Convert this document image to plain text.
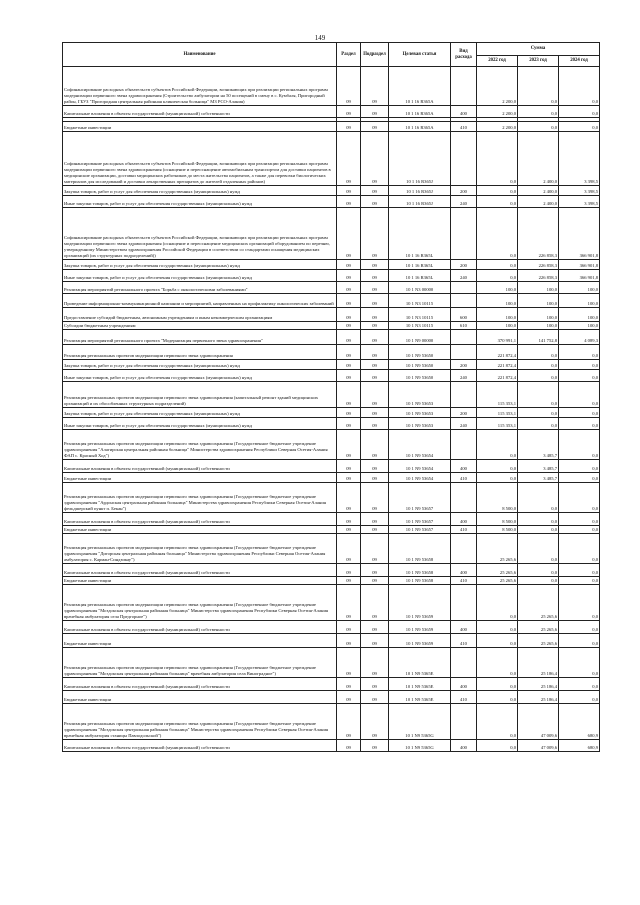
149
Наименование	Раздел	Подраздел	Целевая статья	Вид расхода	Сумма		
					2022 год	2023 год	2024 год
Софинансирование расходных обязательств субъектов Российской Федерации, возникающих при реализации региональных программ модернизации первичного звена здравоохранения (Строительство амбулатории на 50 посещений в смену в с. Кумбаля, Пригородный район, ГБУЗ "Пригородная центральная районная клиническая больница" МЗ РСО-Алания)	09	09	10 1 16 R365A		2 200,0	0,0	0,0
Капитальные вложения в объекты государственной (муниципальной) собственности	09	09	10 1 16 R365A	400	2 200,0	0,0	0,0

Бюджетные инвестиции	09	09	10 1 16 R365A	410	2 200,0	0,0	0,0
Софинансирование расходных обязательств субъектов Российской Федерации, возникающих при реализации региональных программ модернизации первичного звена здравоохранения (оснащение и переоснащение автомобильным транспортом для доставки пациентов в медицинские организации, доставки медицинских работников до места жительства пациентов, а также для перевозки биологических материалов для исследований и доставки лекарственных препаратов до жителей отдаленных районов)	09	09	10 1 16 R365J		0,0	2 400,0	3 398,5
Закупка товаров, работ и услуг для обеспечения государственных (муниципальных) нужд	09	09	10 1 16 R365J	200	0,0	2 400,0	3 398,5
Иные закупки товаров, работ и услуг для обеспечения государственных (муниципальных) нужд	09	09	10 1 16 R365J	240	0,0	2 400,0	3 398,5
Софинансирование расходных обязательств субъектов Российской Федерации, возникающих при реализации региональных программ модернизации первичного звена здравоохранения (оснащение и переоснащение медицинских организаций оборудованием по перечню, утвержденному Министерством здравоохранения Российской Федерации в соответствии со стандартами оснащения медицинских организаций (их структурных подразделений))	09	09	10 1 16 R365L		0,0	226 858,3	366 901,8
Закупка товаров, работ и услуг для обеспечения государственных (муниципальных) нужд	09	09	10 1 16 R365L	200	0,0	226 858,3	366 901,8
Иные закупки товаров, работ и услуг для обеспечения государственных (муниципальных) нужд	09	09	10 1 16 R365L	240	0,0	226 858,3	366 901,8
Реализация мероприятий регионального проекта "Борьба с онкологическими заболеваниями"	09	09	10 1 N3 00000		100,0	100,0	100,0
Проведение информационно-коммуникационной кампании и мероприятий, направленных на профилактику онкологических заболеваний	09	09	10 1 N3 10115		100,0	100,0	100,0
Предоставление субсидий бюджетным, автономным учреждениям и иным некоммерческим организациям	09	09	10 1 N3 10115	600	100,0	100,0	100,0
Субсидии бюджетным учреждениям	09	09	10 1 N3 10115	610	100,0	100,0	100,0
Реализация мероприятий регионального проекта "Модернизация первичного звена здравоохранения"	09	09	10 1 N9 00000		370 991,1	141 752,8	4 089,3
Реализация региональных проектов модернизации первичного звена здравоохранения	09	09	10 1 N9 53650		221 872,4	0,0	0,0
Закупка товаров, работ и услуг для обеспечения государственных (муниципальных) нужд	09	09	10 1 N9 53650	200	221 872,4	0,0	0,0
Иные закупки товаров, работ и услуг для обеспечения государственных (муниципальных) нужд	09	09	10 1 N9 53650	240	221 872,4	0,0	0,0
Реализация региональных проектов модернизации первичного звена здравоохранения (капитальный ремонт зданий медицинских организаций и их обособленных структурных подразделений)	09	09	10 1 N9 53653		115 353,1	0,0	0,0
Закупка товаров, работ и услуг для обеспечения государственных (муниципальных) нужд	09	09	10 1 N9 53653	200	115 353,1	0,0	0,0
Иные закупки товаров, работ и услуг для обеспечения государственных (муниципальных) нужд	09	09	10 1 N9 53653	240	115 353,1	0,0	0,0
Реализация региональных проектов модернизации первичного звена здравоохранения (Государственное бюджетное учреждение здравоохранения "Алагирская центральная районная больница" Министерства здравоохранения Республики Северная Осетия-Алания ФАП с. Красный Ход")	09	09	10 1 N9 53654		0,0	3 485,7	0,0
Капитальные вложения в объекты государственной (муниципальной) собственности	09	09	10 1 N9 53654	400	0,0	3 485,7	0,0
Бюджетные инвестиции	09	09	10 1 N9 53654	410	0,0	3 485,7	0,0
Реализация региональных проектов модернизации первичного звена здравоохранения (Государственное бюджетное учреждение здравоохранения "Ардонская центральная районная больница" Министерства здравоохранения Республики Северная Осетия-Алания фельдшерский пункт п. Бекан")	09	09	10 1 N9 53657		8 500,0	0,0	0,0
Капитальные вложения в объекты государственной (муниципальной) собственности	09	09	10 1 N9 53657	400	8 500,0	0,0	0,0
Бюджетные инвестиции	09	09	10 1 N9 53657	410	8 500,0	0,0	0,0
Реализация региональных проектов модернизации первичного звена здравоохранения (Государственное бюджетное учреждение здравоохранения "Дигорская центральная районная больница" Министерства здравоохранения Республики Северная Осетия-Алания амбулатория с. Карман-Синдзикау")	09	09	10 1 N9 53658		25 265,6	0,0	0,0
Капитальные вложения в объекты государственной (муниципальной) собственности	09	09	10 1 N9 53658	400	25 265,6	0,0	0,0
Бюджетные инвестиции	09	09	10 1 N9 53658	410	25 265,6	0,0	0,0
Реализация региональных проектов модернизации первичного звена здравоохранения (Государственное бюджетное учреждение здравоохранения "Моздокская центральная районная больница" Министерства здравоохранения Республики Северная Осетия-Алания врачебная амбулатория села Предгорное")	09	09	10 1 N9 53659		0,0	25 265,6	0,0
Капитальные вложения в объекты государственной (муниципальной) собственности	09	09	10 1 N9 53659	400	0,0	25 265,6	0,0
Бюджетные инвестиции	09	09	10 1 N9 53659	410	0,0	25 265,6	0,0
Реализация региональных проектов модернизации первичного звена здравоохранения (Государственное бюджетное учреждение здравоохранения "Моздокская центральная районная больница" врачебная амбулатория села Виноградное")	09	09	10 1 N9 5365E		0,0	25 186,4	0,0
Капитальные вложения в объекты государственной (муниципальной) собственности	09	09	10 1 N9 5365E	400	0,0	25 186,4	0,0
Бюджетные инвестиции	09	09	10 1 N9 5365E	410	0,0	25 186,4	0,0
Реализация региональных проектов модернизации первичного звена здравоохранения (Государственное бюджетное учреждение здравоохранения "Моздокская центральная районная больница" Министерства здравоохранения Республики Северная Осетия-Алания врачебная амбулатория станицы Павлодольской")	09	09	10 1 N9 5365G		0,0	47 009,6	680,9
Капитальные вложения в объекты государственной (муниципальной) собственности	09	09	10 1 N9 5365G	400	0,0	47 009,6	680,9
